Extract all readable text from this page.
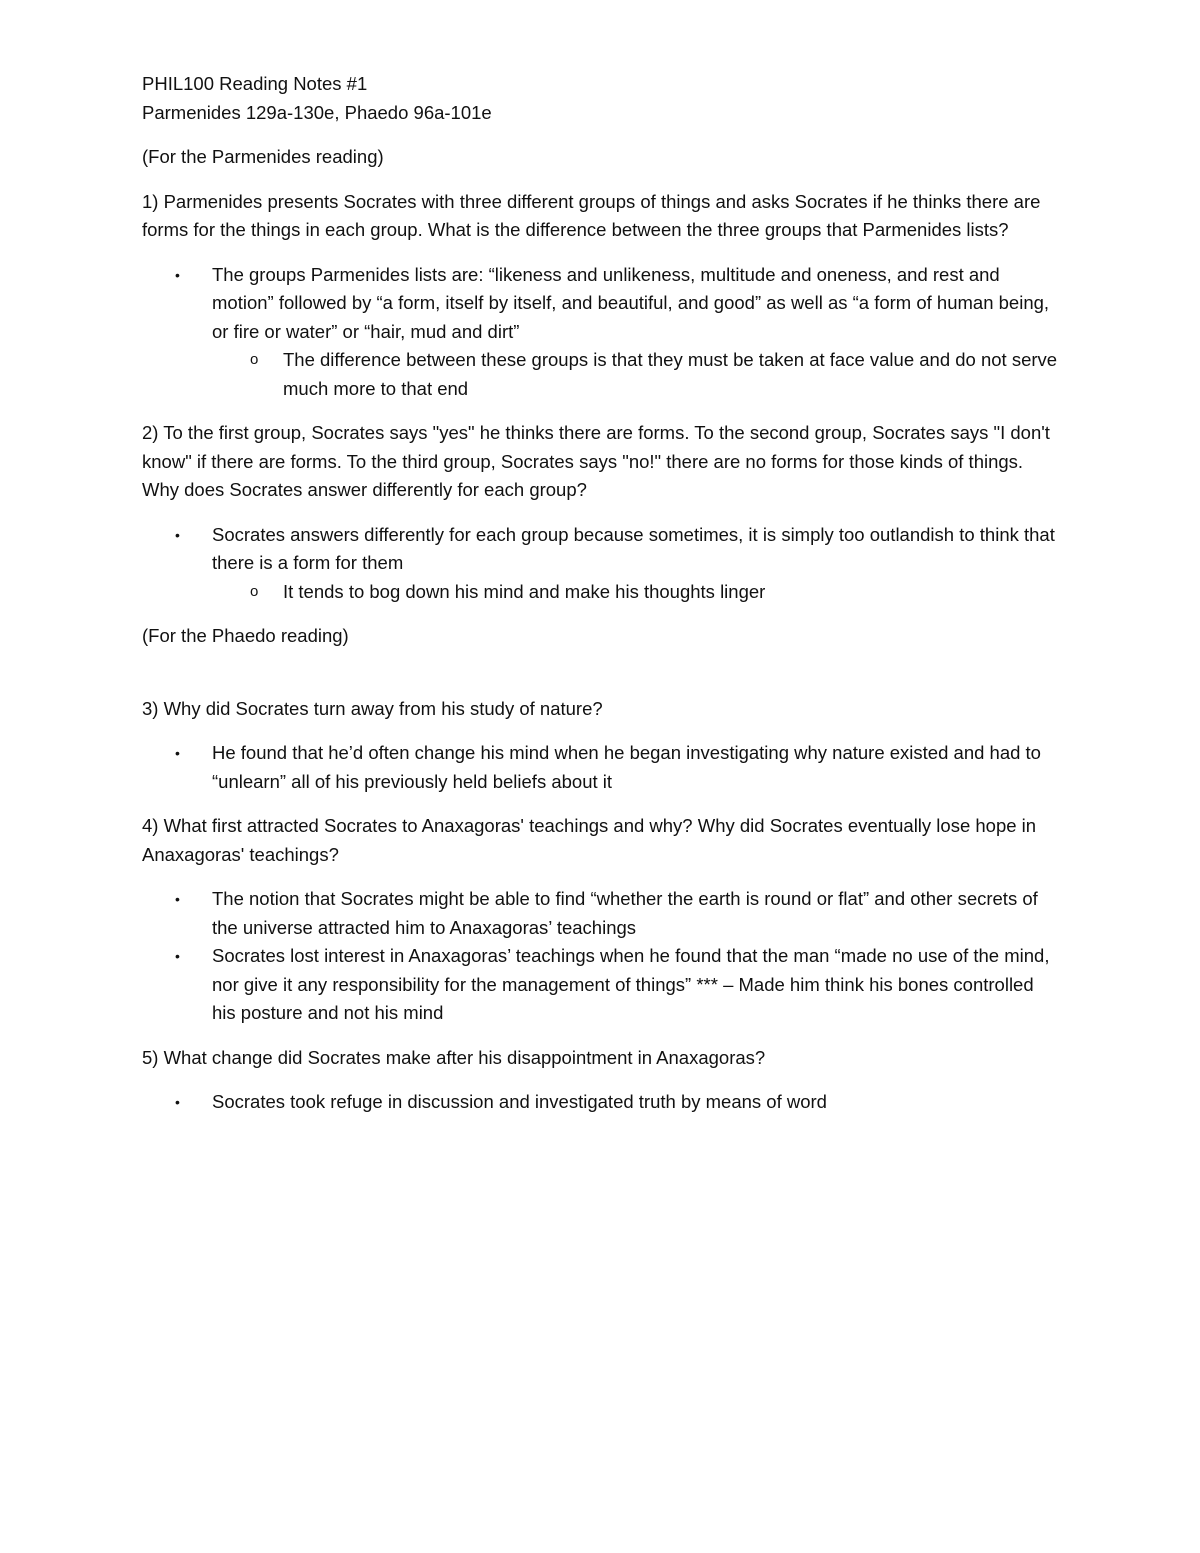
PHIL100 Reading Notes #1

Parmenides 129a-130e, Phaedo 96a-101e

(For the Parmenides reading)

1) Parmenides presents Socrates with three different groups of things and asks Socrates if he thinks there are forms for the things in each group. What is the difference between the three groups that Parmenides lists?

• The groups Parmenides lists are: “likeness and unlikeness, multitude and oneness, and rest and motion” followed by “a form, itself by itself, and beautiful, and good” as well as “a form of human being, or fire or water” or “hair, mud and dirt”
o The difference between these groups is that they must be taken at face value and do not serve much more to that end

2) To the first group, Socrates says "yes" he thinks there are forms. To the second group, Socrates says "I don't know" if there are forms. To the third group, Socrates says "no!" there are no forms for those kinds of things. Why does Socrates answer differently for each group?

• Socrates answers differently for each group because sometimes, it is simply too outlandish to think that there is a form for them
o It tends to bog down his mind and make his thoughts linger

(For the Phaedo reading)

3) Why did Socrates turn away from his study of nature?

• He found that he’d often change his mind when he began investigating why nature existed and had to “unlearn” all of his previously held beliefs about it

4) What first attracted Socrates to Anaxagoras' teachings and why? Why did Socrates eventually lose hope in Anaxagoras' teachings?

• The notion that Socrates might be able to find “whether the earth is round or flat” and other secrets of the universe attracted him to Anaxagoras’ teachings
• Socrates lost interest in Anaxagoras’ teachings when he found that the man “made no use of the mind, nor give it any responsibility for the management of things” *** – Made him think his bones controlled his posture and not his mind

5) What change did Socrates make after his disappointment in Anaxagoras?

• Socrates took refuge in discussion and investigated truth by means of word
